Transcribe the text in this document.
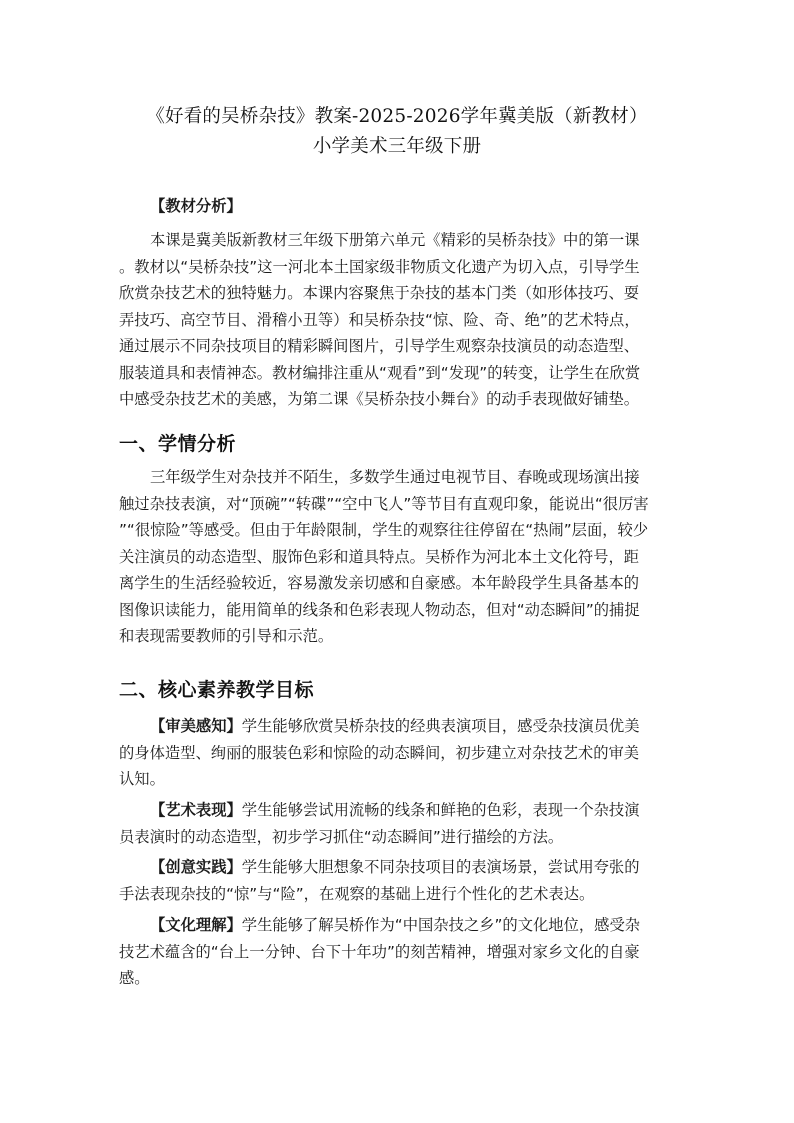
《好看的吴桥杂技》教案-2025-2026学年冀美版（新教材）
小学美术三年级下册
【教材分析】
本课是冀美版新教材三年级下册第六单元《精彩的吴桥杂技》中的第一课
。教材以“吴桥杂技”这一河北本土国家级非物质文化遗产为切入点，引导学生
欣赏杂技艺术的独特魅力。本课内容聚焦于杂技的基本门类（如形体技巧、耍
弄技巧、高空节目、滑稽小丑等）和吴桥杂技“惊、险、奇、绝”的艺术特点，
通过展示不同杂技项目的精彩瞬间图片，引导学生观察杂技演员的动态造型、
服装道具和表情神态。教材编排注重从“观看”到“发现”的转变，让学生在欣赏
中感受杂技艺术的美感，为第二课《吴桥杂技小舞台》的动手表现做好铺垫。
一、学情分析
三年级学生对杂技并不陌生，多数学生通过电视节目、春晚或现场演出接
触过杂技表演，对“顶碗”“转碟”“空中飞人”等节目有直观印象，能说出“很厉害
”“很惊险”等感受。但由于年龄限制，学生的观察往往停留在“热闹”层面，较少
关注演员的动态造型、服饰色彩和道具特点。吴桥作为河北本土文化符号，距
离学生的生活经验较近，容易激发亲切感和自豪感。本年龄段学生具备基本的
图像识读能力，能用简单的线条和色彩表现人物动态，但对“动态瞬间”的捕捉
和表现需要教师的引导和示范。
二、核心素养教学目标
【审美感知】学生能够欣赏吴桥杂技的经典表演项目，感受杂技演员优美
的身体造型、绚丽的服装色彩和惊险的动态瞬间，初步建立对杂技艺术的审美
认知。
【艺术表现】学生能够尝试用流畅的线条和鲜艳的色彩，表现一个杂技演
员表演时的动态造型，初步学习抓住“动态瞬间”进行描绘的方法。
【创意实践】学生能够大胆想象不同杂技项目的表演场景，尝试用夸张的
手法表现杂技的“惊”与“险”，在观察的基础上进行个性化的艺术表达。
【文化理解】学生能够了解吴桥作为“中国杂技之乡”的文化地位，感受杂
技艺术蕴含的“台上一分钟、台下十年功”的刻苦精神，增强对家乡文化的自豪
感。
